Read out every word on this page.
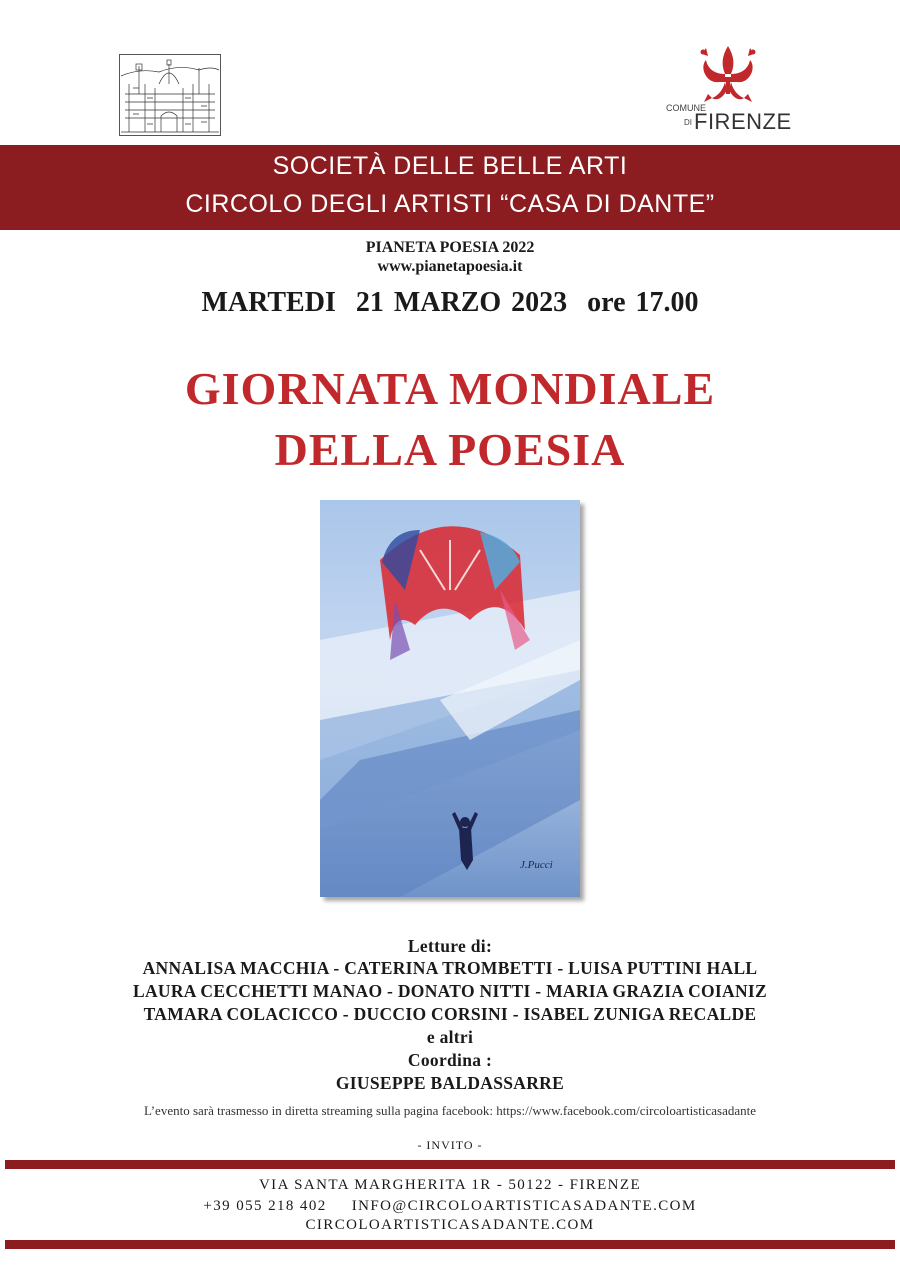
COMUNE
DI FIRENZE
SOCIETÀ DELLE BELLE ARTI
CIRCOLO DEGLI ARTISTI “CASA DI DANTE”
PIANETA POESIA 2022
www.pianetapoesia.it
MARTEDI  21 MARZO 2023  ore 17.00
GIORNATA MONDIALE
DELLA POESIA
J.Pucci
Letture di:
ANNALISA MACCHIA - CATERINA TROMBETTI - LUISA PUTTINI HALL
LAURA CECCHETTI MANAO - DONATO NITTI - MARIA GRAZIA COIANIZ
TAMARA COLACICCO - DUCCIO CORSINI - ISABEL ZUNIGA RECALDE
e altri
Coordina :
GIUSEPPE BALDASSARRE
L’evento sarà trasmesso in diretta streaming sulla pagina facebook: https://www.facebook.com/circoloartisticasadante
- INVITO -
VIA SANTA MARGHERITA 1R - 50122 - FIRENZE
+39 055 218 402 INFO@CIRCOLOARTISTICASADANTE.COM
CIRCOLOARTISTICASADANTE.COM
